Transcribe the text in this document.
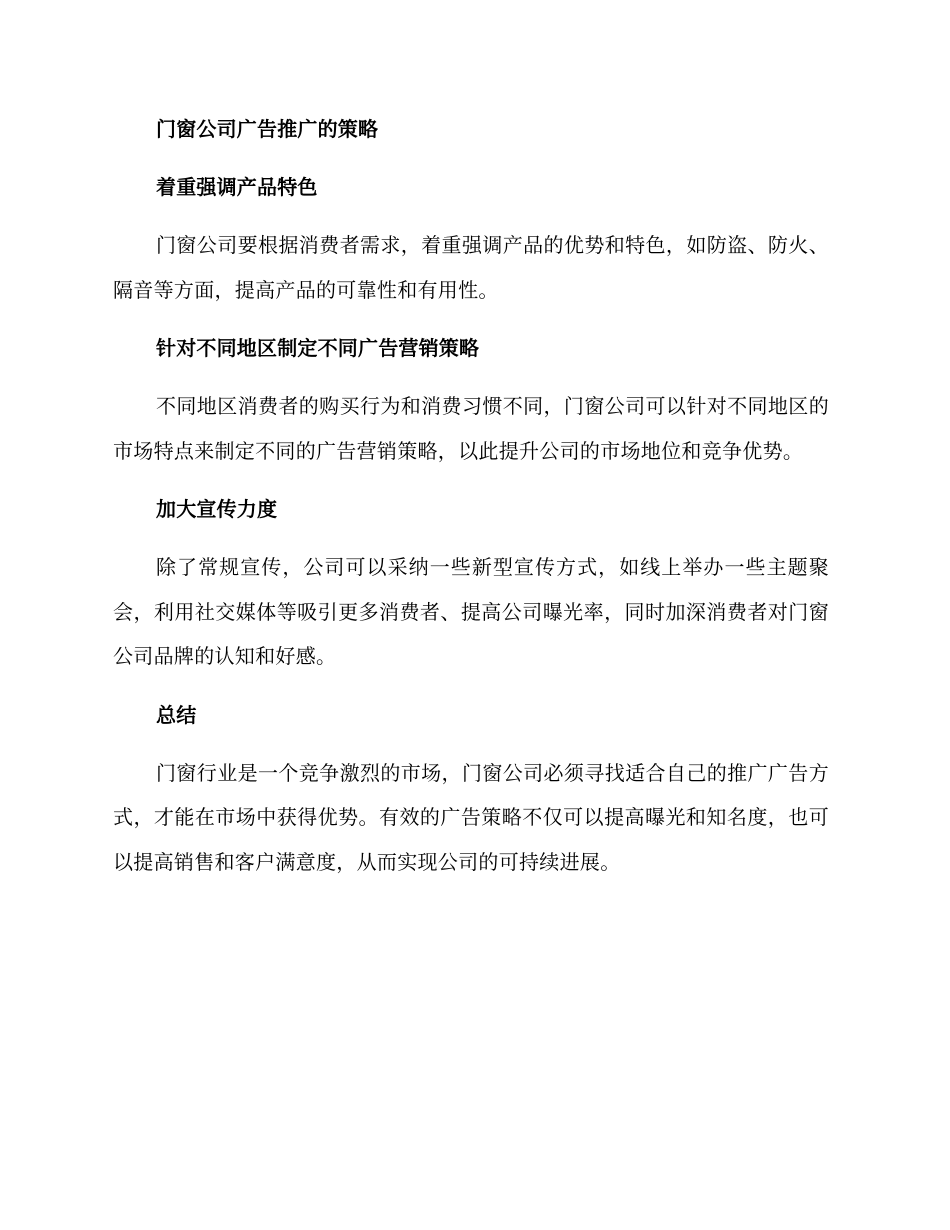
门窗公司广告推广的策略
着重强调产品特色

门窗公司要根据消费者需求，着重强调产品的优势和特色，如防盗、防火、隔音等方面，提高产品的可靠性和有用性。

针对不同地区制定不同广告营销策略

不同地区消费者的购买行为和消费习惯不同，门窗公司可以针对不同地区的市场特点来制定不同的广告营销策略，以此提升公司的市场地位和竞争优势。

加大宣传力度

除了常规宣传，公司可以采纳一些新型宣传方式，如线上举办一些主题聚会，利用社交媒体等吸引更多消费者、提高公司曝光率，同时加深消费者对门窗公司品牌的认知和好感。

总结

门窗行业是一个竞争激烈的市场，门窗公司必须寻找适合自己的推广广告方式，才能在市场中获得优势。有效的广告策略不仅可以提高曝光和知名度，也可以提高销售和客户满意度，从而实现公司的可持续进展。
